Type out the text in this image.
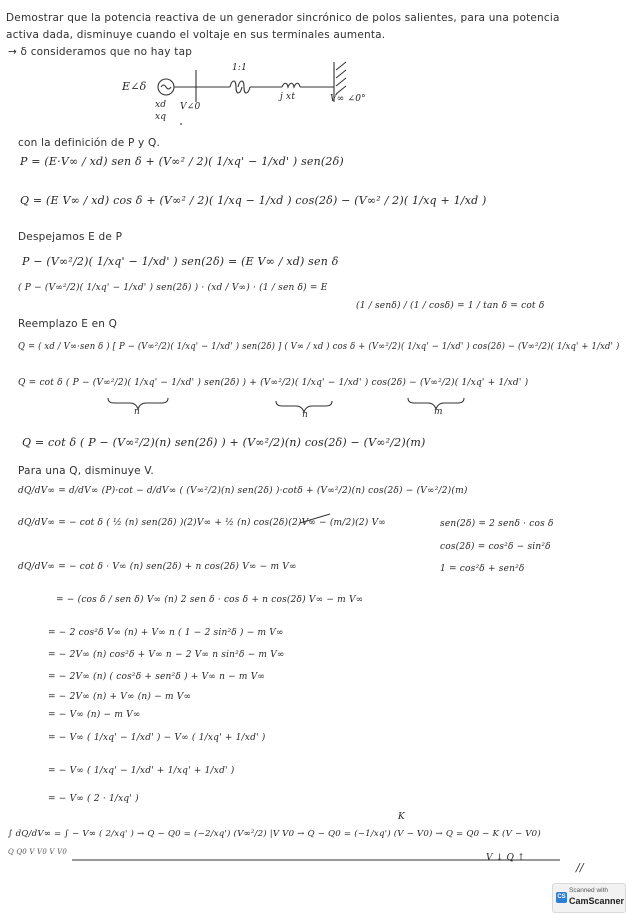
Demostrar que la potencia reactiva de un generador sincrónico de polos salientes, para una potencia
activa dada, disminuye cuando el voltaje en sus terminales aumenta.
→ δ consideramos que no hay tap
E∠δ
xd
xq
V∠0
1:1
j xt	V∞ ∠0°
con la definición de P y Q.
P = (E·V∞ / xd) sen δ + (V∞² / 2)( 1/xq' − 1/xd' ) sen(2δ)
Q = (E V∞ / xd) cos δ + (V∞² / 2)( 1/xq − 1/xd ) cos(2δ) − (V∞² / 2)( 1/xq + 1/xd )
Despejamos E de P
P − (V∞²/2)( 1/xq' − 1/xd' ) sen(2δ) = (E V∞ / xd) sen δ
( P − (V∞²/2)( 1/xq' − 1/xd' ) sen(2δ) ) · (xd / V∞) · (1 / sen δ) = E
(1 / senδ) / (1 / cosδ) = 1 / tan δ = cot δ
Reemplazo E en Q
Q = ( xd / V∞·sen δ ) [ P − (V∞²/2)( 1/xq' − 1/xd' ) sen(2δ) ] ( V∞ / xd ) cos δ + (V∞²/2)( 1/xq' − 1/xd' ) cos(2δ) − (V∞²/2)( 1/xq' + 1/xd' )
Q = cot δ ( P − (V∞²/2)( 1/xq' − 1/xd' ) sen(2δ) ) + (V∞²/2)( 1/xq' − 1/xd' ) cos(2δ) − (V∞²/2)( 1/xq' + 1/xd' )
n	n	m
Q = cot δ ( P − (V∞²/2)(n) sen(2δ) ) + (V∞²/2)(n) cos(2δ) − (V∞²/2)(m)
Para una Q, disminuye V.
dQ/dV∞ = d/dV∞ (P)·cot − d/dV∞ ( (V∞²/2)(n) sen(2δ) )·cotδ + (V∞²/2)(n) cos(2δ) − (V∞²/2)(m)
dQ/dV∞ = − cot δ ( ½ (n) sen(2δ) )(2)V∞ + ½ (n) cos(2δ)(2)V∞ − (m/2)(2) V∞
dQ/dV∞ = − cot δ · V∞ (n) sen(2δ) + n cos(2δ) V∞ − m V∞
sen(2δ) = 2 senδ · cos δ
cos(2δ) = cos²δ − sin²δ
1 = cos²δ + sen²δ
= − (cos δ / sen δ) V∞ (n) 2 sen δ · cos δ + n cos(2δ) V∞ − m V∞
= − 2 cos²δ V∞ (n) + V∞ n ( 1 − 2 sin²δ ) − m V∞
= − 2V∞ (n) cos²δ + V∞ n − 2 V∞ n sin²δ − m V∞
= − 2V∞ (n) ( cos²δ + sen²δ ) + V∞ n − m V∞
= − 2V∞ (n) + V∞ (n) − m V∞
= − V∞ (n) − m V∞
= − V∞ ( 1/xq' − 1/xd' ) − V∞ ( 1/xq' + 1/xd' )
= − V∞ ( 1/xq' − 1/xd' + 1/xq' + 1/xd' )
= − V∞ ( 2 · 1/xq' )
∫ dQ/dV∞ = ∫ − V∞ ( 2/xq' ) → Q − Q0 = (−2/xq') (V∞²/2) |V V0 → Q − Q0 = (−1/xq') (V − V0) → Q = Q0 − K (V − V0)
Q Q0 V V0 V V0
K
V ↓ Q ↑
//
CS
Scanned with
CamScanner
